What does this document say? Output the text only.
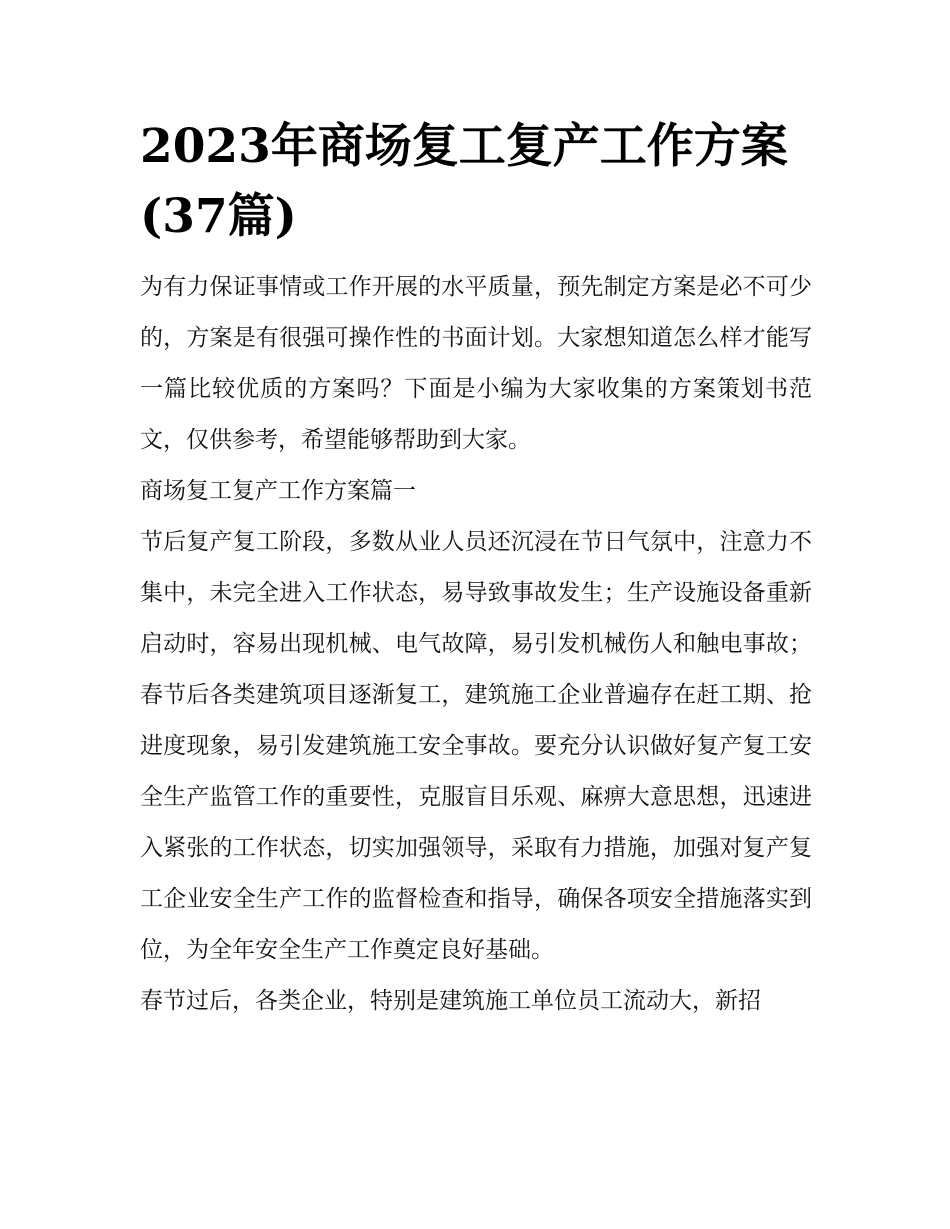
2023年商场复工复产工作方案(37篇)

为有力保证事情或工作开展的水平质量，预先制定方案是必不可少的，方案是有很强可操作性的书面计划。大家想知道怎么样才能写一篇比较优质的方案吗？下面是小编为大家收集的方案策划书范文，仅供参考，希望能够帮助到大家。

商场复工复产工作方案篇一

节后复产复工阶段，多数从业人员还沉浸在节日气氛中，注意力不集中，未完全进入工作状态，易导致事故发生；生产设施设备重新启动时，容易出现机械、电气故障，易引发机械伤人和触电事故；春节后各类建筑项目逐渐复工，建筑施工企业普遍存在赶工期、抢进度现象，易引发建筑施工安全事故。要充分认识做好复产复工安全生产监管工作的重要性，克服盲目乐观、麻痹大意思想，迅速进入紧张的工作状态，切实加强领导，采取有力措施，加强对复产复工企业安全生产工作的监督检查和指导，确保各项安全措施落实到位，为全年安全生产工作奠定良好基础。

春节过后，各类企业，特别是建筑施工单位员工流动大，新招
